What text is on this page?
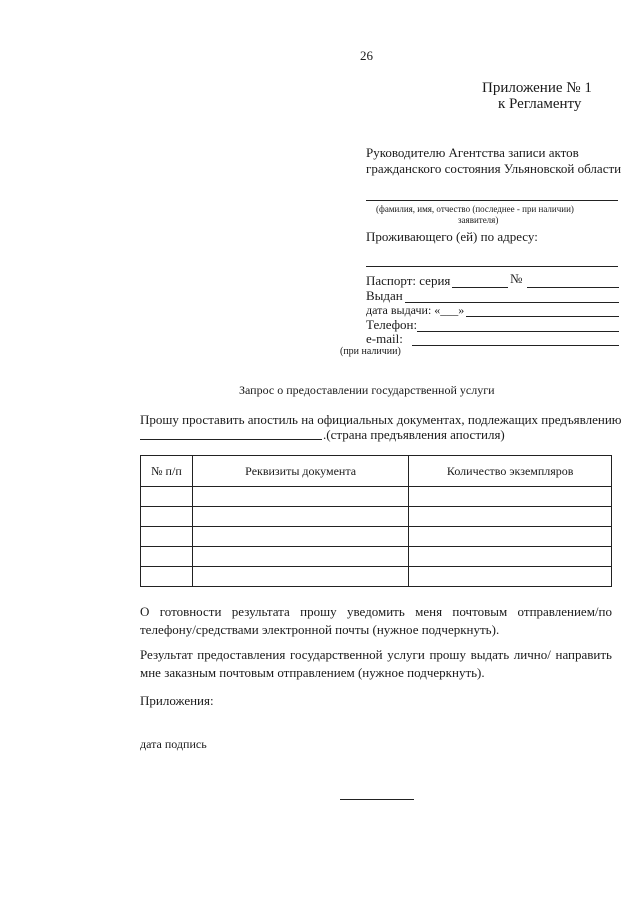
26
Приложение № 1
к Регламенту
Руководителю Агентства записи актов
гражданского состояния Ульяновской области
(фамилия, имя, отчество (последнее - при наличии)
заявителя)
Проживающего (ей) по адресу:
Паспорт: серия	№
Выдан
дата выдачи: «___»
Телефон:
e-mail:
(при наличии)
Запрос о предоставлении государственной услуги
Прошу проставить апостиль на официальных документах, подлежащих предъявлению
.(страна предъявления апостиля)
№ п/п	Реквизиты документа	Количество экземпляров

О готовности результата прошу уведомить меня почтовым отправлением/по телефону/средствами электронной почты (нужное подчеркнуть).
Результат предоставления государственной услуги прошу выдать лично/ направить мне заказным почтовым отправлением (нужное подчеркнуть).
Приложения:
дата подпись
